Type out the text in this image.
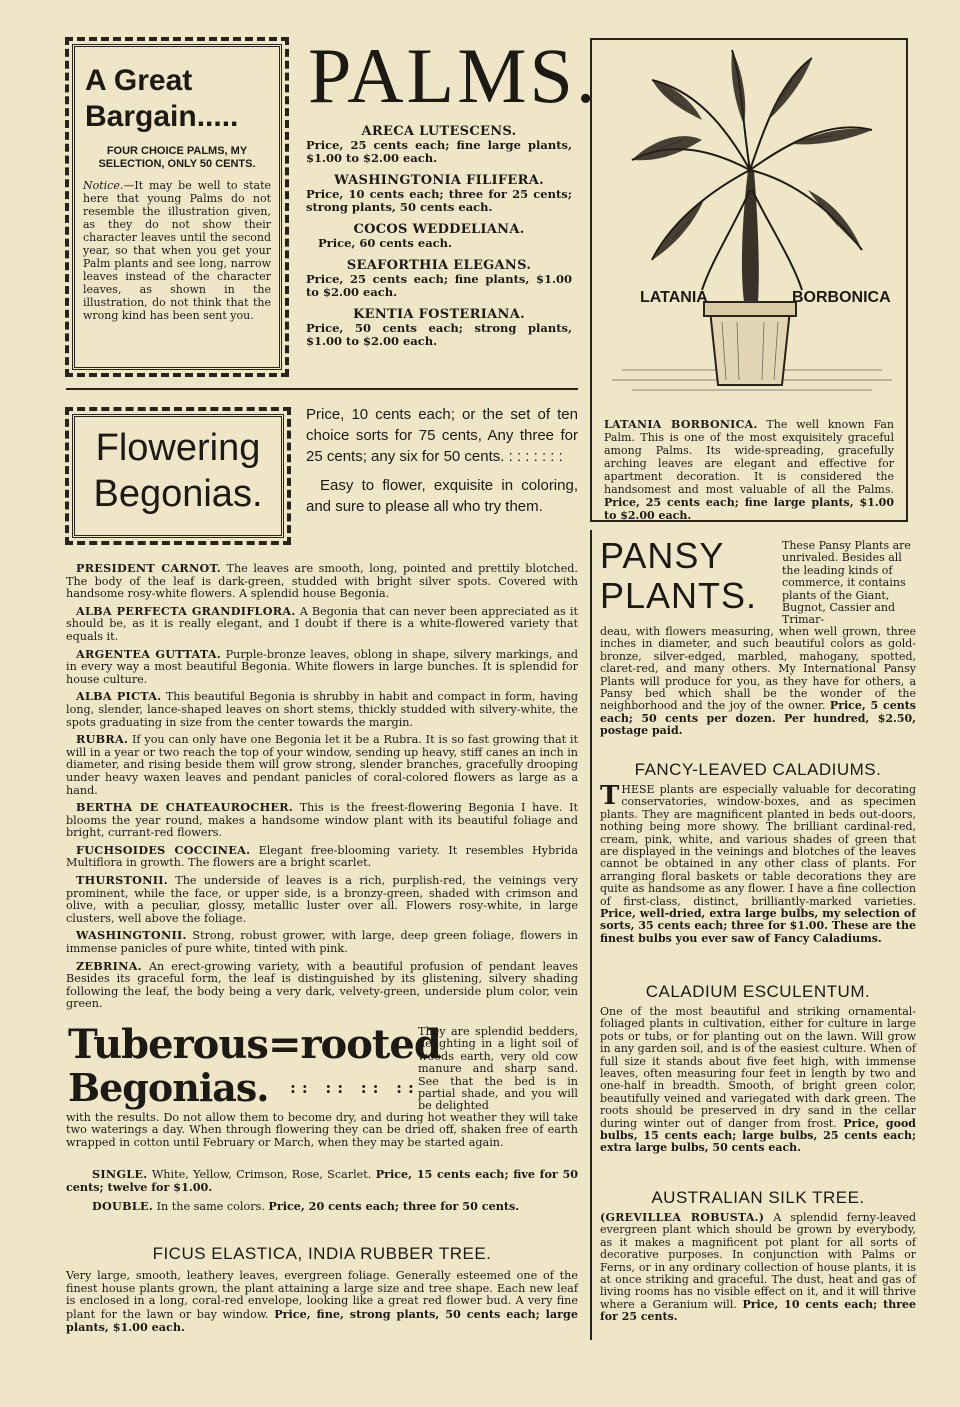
A Great Bargain.....
FOUR CHOICE PALMS, MY SELECTION, ONLY 50 CENTS.
Notice.—It may be well to state here that young Palms do not resemble the illustration given, as they do not show their character leaves until the second year, so that when you get your Palm plants and see long, narrow leaves instead of the character leaves, as shown in the illustration, do not think that the wrong kind has been sent you.
PALMS.
ARECA LUTESCENS.
Price, 25 cents each; fine large plants, $1.00 to $2.00 each.
WASHINGTONIA FILIFERA.
Price, 10 cents each; three for 25 cents; strong plants, 50 cents each.
COCOS WEDDELIANA.
Price, 60 cents each.
SEAFORTHIA ELEGANS.
Price, 25 cents each; fine plants, $1.00 to $2.00 each.
KENTIA FOSTERIANA.
Price, 50 cents each; strong plants, $1.00 to $2.00 each.
LATANIA	BORBONICA
LATANIA BORBONICA. The well known Fan Palm. This is one of the most exquisitely graceful among Palms. Its wide-spreading, gracefully arching leaves are elegant and effective for apartment decoration. It is considered the handsomest and most valuable of all the Palms. Price, 25 cents each; fine large plants, $1.00 to $2.00 each.
Flowering
Begonias.
Price, 10 cents each; or the set of ten choice sorts for 75 cents, Any three for 25 cents; any six for 50 cents. : : : : : : :
Easy to flower, exquisite in coloring, and sure to please all who try them.

PRESIDENT CARNOT. The leaves are smooth, long, pointed and prettily blotched. The body of the leaf is dark-green, studded with bright silver spots. Covered with handsome rosy-white flowers. A splendid house Begonia.

ALBA PERFECTA GRANDIFLORA. A Begonia that can never been appreciated as it should be, as it is really elegant, and I doubt if there is a white-flowered variety that equals it.

ARGENTEA GUTTATA. Purple-bronze leaves, oblong in shape, silvery markings, and in every way a most beautiful Begonia. White flowers in large bunches. It is splendid for house culture.

ALBA PICTA. This beautiful Begonia is shrubby in habit and compact in form, having long, slender, lance-shaped leaves on short stems, thickly studded with silvery-white, the spots graduating in size from the center towards the margin.

RUBRA. If you can only have one Begonia let it be a Rubra. It is so fast growing that it will in a year or two reach the top of your window, sending up heavy, stiff canes an inch in diameter, and rising beside them will grow strong, slender branches, gracefully drooping under heavy waxen leaves and pendant panicles of coral-colored flowers as large as a hand.

BERTHA DE CHATEAUROCHER. This is the freest-flowering Begonia I have. It blooms the year round, makes a handsome window plant with its beautiful foliage and bright, currant-red flowers.

FUCHSOIDES COCCINEA. Elegant free-blooming variety. It resembles Hybrida Multiflora in growth. The flowers are a bright scarlet.

THURSTONII. The underside of leaves is a rich, purplish-red, the veinings very prominent, while the face, or upper side, is a bronzy-green, shaded with crimson and olive, with a peculiar, glossy, metallic luster over all. Flowers rosy-white, in large clusters, well above the foliage.

WASHINGTONII. Strong, robust grower, with large, deep green foliage, flowers in immense panicles of pure white, tinted with pink.

ZEBRINA. An erect-growing variety, with a beautiful profusion of pendant leaves Besides its graceful form, the leaf is distinguished by its glistening, silvery shading following the leaf, the body being a very dark, velvety-green, underside plum color, vein green.

Tuberous=rooted
Begonias. :: :: :: ::
They are splendid bedders, delighting in a light soil of woods earth, very old cow manure and sharp sand. See that the bed is in partial shade, and you will be delighted
with the results. Do not allow them to become dry, and during hot weather they will take two waterings a day. When through flowering they can be dried off, shaken free of earth wrapped in cotton until February or March, when they may be started again.
SINGLE. White, Yellow, Crimson, Rose, Scarlet. Price, 15 cents each; five for 50 cents; twelve for $1.00.
DOUBLE. In the same colors. Price, 20 cents each; three for 50 cents.
FICUS ELASTICA, INDIA RUBBER TREE.
Very large, smooth, leathery leaves, evergreen foliage. Generally esteemed one of the finest house plants grown, the plant attaining a large size and tree shape. Each new leaf is enclosed in a long, coral-red envelope, looking like a great red flower bud. A very fine plant for the lawn or bay window. Price, fine, strong plants, 50 cents each; large plants, $1.00 each.
PANSY
PLANTS.
These Pansy Plants are unrivaled. Besides all the leading kinds of commerce, it contains plants of the Giant, Bugnot, Cassier and Trimar-
deau, with flowers measuring, when well grown, three inches in diameter, and such beautiful colors as gold-bronze, silver-edged, marbled, mahogany, spotted, claret-red, and many others. My International Pansy Plants will produce for you, as they have for others, a Pansy bed which shall be the wonder of the neighborhood and the joy of the owner. Price, 5 cents each; 50 cents per dozen. Per hundred, $2.50, postage paid.
FANCY-LEAVED CALADIUMS.
T HESE plants are especially valuable for decorating conservatories, window-boxes, and as specimen plants. They are magnificent planted in beds out-doors, nothing being more showy. The brilliant cardinal-red, cream, pink, white, and various shades of green that are displayed in the veinings and blotches of the leaves cannot be obtained in any other class of plants. For arranging floral baskets or table decorations they are quite as handsome as any flower. I have a fine collection of first-class, distinct, brilliantly-marked varieties. Price, well-dried, extra large bulbs, my selection of sorts, 35 cents each; three for $1.00. These are the finest bulbs you ever saw of Fancy Caladiums.
CALADIUM ESCULENTUM.
One of the most beautiful and striking ornamental-foliaged plants in cultivation, either for culture in large pots or tubs, or for planting out on the lawn. Will grow in any garden soil, and is of the easiest culture. When of full size it stands about five feet high, with immense leaves, often measuring four feet in length by two and one-half in breadth. Smooth, of bright green color, beautifully veined and variegated with dark green. The roots should be preserved in dry sand in the cellar during winter out of danger from frost. Price, good bulbs, 15 cents each; large bulbs, 25 cents each; extra large bulbs, 50 cents each.
AUSTRALIAN SILK TREE.
(GREVILLEA ROBUSTA.) A splendid ferny-leaved evergreen plant which should be grown by everybody, as it makes a magnificent pot plant for all sorts of decorative purposes. In conjunction with Palms or Ferns, or in any ordinary collection of house plants, it is at once striking and graceful. The dust, heat and gas of living rooms has no visible effect on it, and it will thrive where a Geranium will. Price, 10 cents each; three for 25 cents.
